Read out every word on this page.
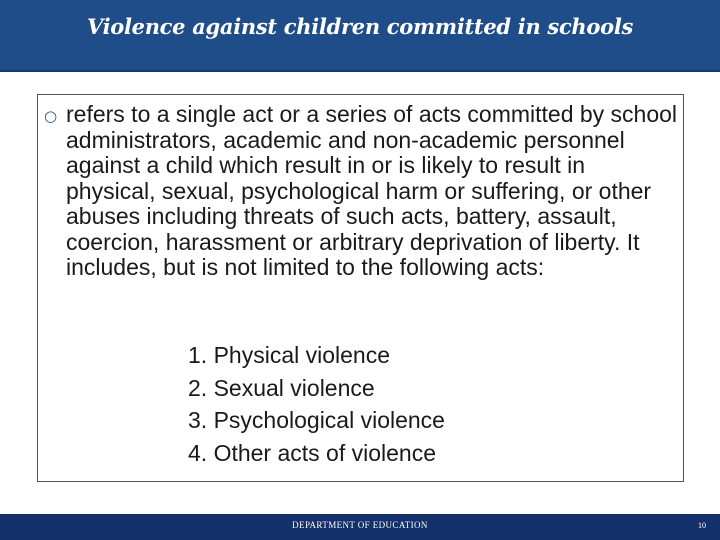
Violence against children committed in schools
○ refers to a single act or a series of acts committed by school administrators, academic and non-academic personnel against a child which result in or is likely to result in physical, sexual, psychological harm or suffering, or other abuses including threats of such acts, battery, assault, coercion, harassment or arbitrary deprivation of liberty. It includes, but is not limited to the following acts:
1. Physical violence
2. Sexual violence
3. Psychological violence
4. Other acts of violence
DEPARTMENT OF EDUCATION	10
